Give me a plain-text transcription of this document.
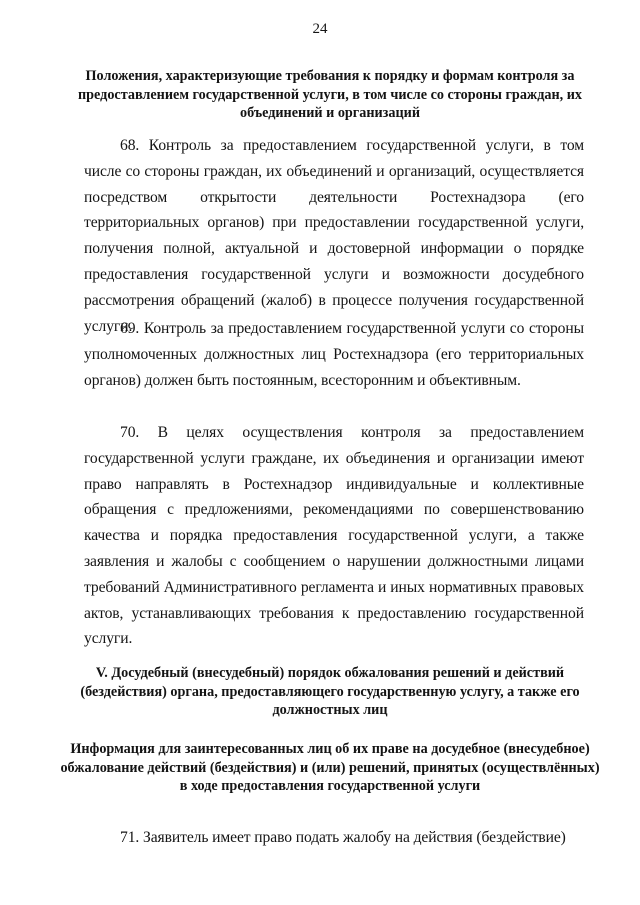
24
Положения, характеризующие требования к порядку и формам контроля за предоставлением государственной услуги, в том числе со стороны граждан, их объединений и организаций
68. Контроль за предоставлением государственной услуги, в том числе со стороны граждан, их объединений и организаций, осуществляется посредством открытости деятельности Ростехнадзора (его территориальных органов) при предоставлении государственной услуги, получения полной, актуальной и достоверной информации о порядке предоставления государственной услуги и возможности досудебного рассмотрения обращений (жалоб) в процессе получения государственной услуги.
69. Контроль за предоставлением государственной услуги со стороны уполномоченных должностных лиц Ростехнадзора (его территориальных органов) должен быть постоянным, всесторонним и объективным.
70. В целях осуществления контроля за предоставлением государственной услуги граждане, их объединения и организации имеют право направлять в Ростехнадзор индивидуальные и коллективные обращения с предложениями, рекомендациями по совершенствованию качества и порядка предоставления государственной услуги, а также заявления и жалобы с сообщением о нарушении должностными лицами требований Административного регламента и иных нормативных правовых актов, устанавливающих требования к предоставлению государственной услуги.
V. Досудебный (внесудебный) порядок обжалования решений и действий (бездействия) органа, предоставляющего государственную услугу, а также его должностных лиц
Информация для заинтересованных лиц об их праве на досудебное (внесудебное) обжалование действий (бездействия) и (или) решений, принятых (осуществлённых) в ходе предоставления государственной услуги
71. Заявитель имеет право подать жалобу на действия (бездействие)
